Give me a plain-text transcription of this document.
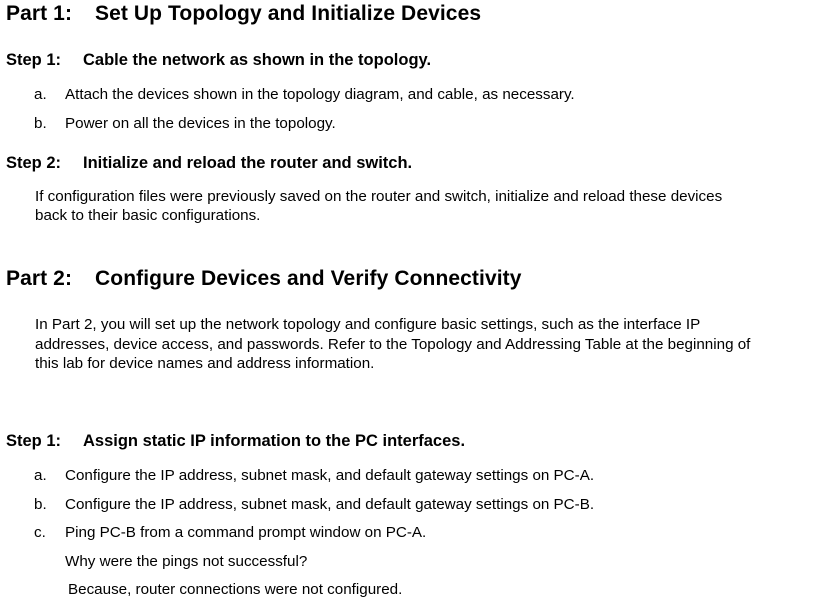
Part 1: Set Up Topology and Initialize Devices
Step 1: Cable the network as shown in the topology.
a. Attach the devices shown in the topology diagram, and cable, as necessary.
b. Power on all the devices in the topology.
Step 2: Initialize and reload the router and switch.
If configuration files were previously saved on the router and switch, initialize and reload these devices
back to their basic configurations.
Part 2: Configure Devices and Verify Connectivity
In Part 2, you will set up the network topology and configure basic settings, such as the interface IP
addresses, device access, and passwords. Refer to the Topology and Addressing Table at the beginning of
this lab for device names and address information.
Step 1: Assign static IP information to the PC interfaces.
a. Configure the IP address, subnet mask, and default gateway settings on PC-A.
b. Configure the IP address, subnet mask, and default gateway settings on PC-B.
c. Ping PC-B from a command prompt window on PC-A.
Why were the pings not successful?
Because, router connections were not configured.
